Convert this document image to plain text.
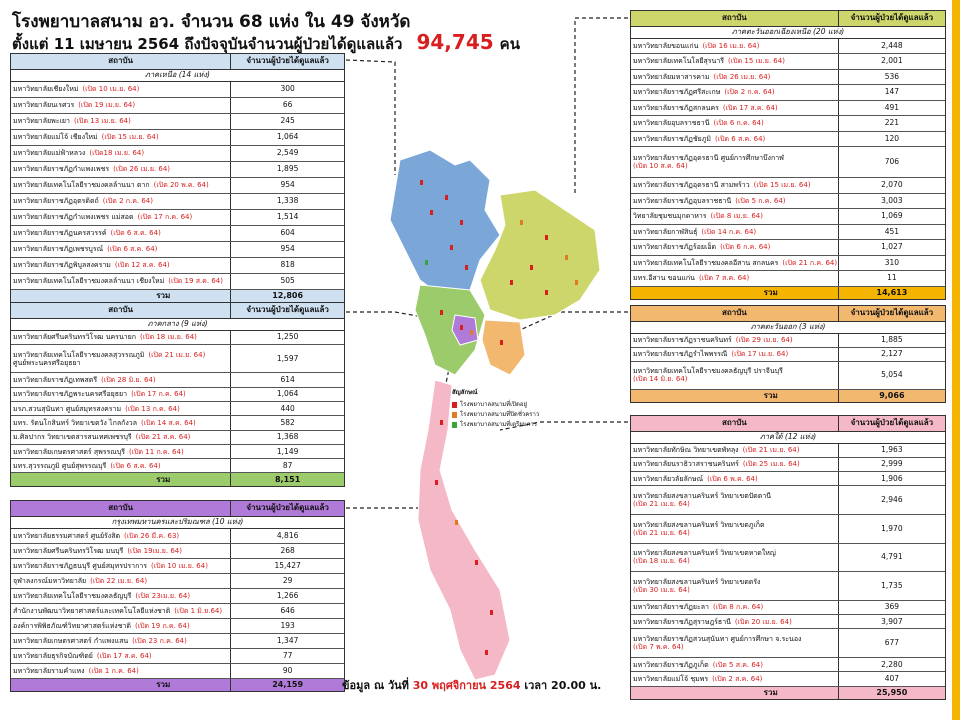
โรงพยาบาลสนาม อว. จำนวน 68 แห่ง ใน 49 จังหวัด
ตั้งแต่ 11 เมษายน 2564 ถึงปัจจุบันจำนวนผู้ป่วยได้ดูแลแล้ว 94,745 คน
สถาบัน	จำนวนผู้ป่วยได้ดูแลแล้ว
ภาคเหนือ (14 แห่ง)	
มหาวิทยาลัยเชียงใหม่ (เปิด 10 เม.ย. 64)	300
มหาวิทยาลัยนเรศวร (เปิด 19 เม.ย. 64)	66
มหาวิทยาลัยพะเยา (เปิด 13 เม.ย. 64)	245
มหาวิทยาลัยแม่โจ้ เชียงใหม่ (เปิด 15 เม.ย. 64)	1,064
มหาวิทยาลัยแม่ฟ้าหลวง (เปิด18 เม.ย. 64)	2,549
มหาวิทยาลัยราชภัฏกำแพงเพชร (เปิด 26 เม.ย. 64)	1,895
มหาวิทยาลัยเทคโนโลยีราชมงคลล้านนา ตาก (เปิด 20 พ.ค. 64)	954
มหาวิทยาลัยราชภัฏอุตรดิตถ์ (เปิด 2 ก.ค. 64)	1,338
มหาวิทยาลัยราชภัฏกำแพงเพชร แม่สอด (เปิด 17 ก.ค. 64)	1,514
มหาวิทยาลัยราชภัฏนครสวรรค์ (เปิด 6 ส.ค. 64)	604
มหาวิทยาลัยราชภัฏเพชรบูรณ์ (เปิด 6 ส.ค. 64)	954
มหาวิทยาลัยราชภัฏพิบูลสงคราม (เปิด 12 ส.ค. 64)	818
มหาวิทยาลัยเทคโนโลยีราชมงคลล้านนา เชียงใหม่ (เปิด 19 ส.ค. 64)	505
รวม	12,806
สถาบัน	จำนวนผู้ป่วยได้ดูแลแล้ว
ภาคกลาง (9 แห่ง)	
มหาวิทยาลัยศรีนครินทรวิโรฒ นครนายก (เปิด 18 เม.ย. 64)	1,250
มหาวิทยาลัยเทคโนโลยีราชมงคลสุวรรณภูมิ (เปิด 21 เม.ย. 64)
ศูนย์พระนครศรีอยุธยา	1,597
มหาวิทยาลัยราชภัฏเทพสตรี (เปิด 28 มิ.ย. 64)	614
มหาวิทยาลัยราชภัฏพระนครศรีอยุธยา (เปิด 17 ก.ค. 64)	1,064
มรภ.สวนสุนันทา ศูนย์สมุทรสงคราม (เปิด 13 ก.ค. 64)	440
มทร. รัตนโกสินทร์ วิทยาเขตวัง ไกลกังวล (เปิด 14 ส.ค. 64)	582
ม.ศิลปากร วิทยาเขตสารสนเทศเพชรบุรี (เปิด 21 ส.ค. 64)	1,368
มหาวิทยาลัยเกษตรศาสตร์ สุพรรณบุรี (เปิด 11 ก.ค. 64)	1,149
มทร.สุวรรณภูมิ ศูนย์สุพรรณบุรี (เปิด 6 ส.ค. 64)	87
รวม	8,151
สถาบัน	จำนวนผู้ป่วยได้ดูแลแล้ว
กรุงเทพมหานครและปริมณฑล (10 แห่ง)	
มหาวิทยาลัยธรรมศาสตร์ ศูนย์รังสิต (เปิด 26 มี.ค. 63)	4,816
มหาวิทยาลัยศรีนครินทรวิโรฒ มนบุรี (เปิด 19เม.ย. 64)	268
มหาวิทยาลัยราชภัฏธนบุรี ศูนย์สมุทรปราการ (เปิด 10 เม.ย. 64)	15,427
จุฬาลงกรณ์มหาวิทยาลัย (เปิด 22 เม.ย. 64)	29
มหาวิทยาลัยเทคโนโลยีราชมงคลธัญบุรี (เปิด 23เม.ย. 64)	1,266
สำนักงานพัฒนาวิทยาศาสตร์และเทคโนโลยีแห่งชาติ (เปิด 1 มิ.ย.64)	646
องค์การพิพิธภัณฑ์วิทยาศาสตร์แห่งชาติ (เปิด 19 ก.ค. 64)	193
มหาวิทยาลัยเกษตรศาสตร์ กำแพงแสน (เปิด 23 ก.ค. 64)	1,347
มหาวิทยาลัยธุรกิจบัณฑิตย์ (เปิด 17 ส.ค. 64)	77
มหาวิทยาลัยรามคำแหง (เปิด 1 ก.ค. 64)	90
รวม	24,159
สถาบัน	จำนวนผู้ป่วยได้ดูแลแล้ว
ภาคตะวันออกเฉียงเหนือ (20 แห่ง)	
มหาวิทยาลัยขอนแก่น (เปิด 16 เม.ย. 64)	2,448
มหาวิทยาลัยเทคโนโลยีสุรนารี (เปิด 15 เม.ย. 64)	2,001
มหาวิทยาลัยมหาสารคาม (เปิด 26 เม.ย. 64)	536
มหาวิทยาลัยราชภัฏศรีสะเกษ (เปิด 2 ก.ค. 64)	147
มหาวิทยาลัยราชภัฏสกลนคร (เปิด 17 ส.ค. 64)	491
มหาวิทยาลัยอุบลราชธานี (เปิด 6 ก.ค. 64)	221
มหาวิทยาลัยราชภัฏชัยภูมิ (เปิด 6 ส.ค. 64)	120
มหาวิทยาลัยราชภัฏอุดรธานี ศูนย์การศึกษาบึงกาฬ
(เปิด 10 ส.ค. 64)	706
มหาวิทยาลัยราชภัฏอุดรธานี สามพร้าว (เปิด 15 เม.ย. 64)	2,070
มหาวิทยาลัยราชภัฏอุบลราชธานี (เปิด 5 ก.ค. 64)	3,003
วิทยาลัยชุมชนมุกดาหาร (เปิด 8 เม.ย. 64)	1,069
มหาวิทยาลัยกาฬสินธุ์ (เปิด 14 ก.ค. 64)	451
มหาวิทยาลัยราชภัฏร้อยเอ็ด (เปิด 6 ก.ค. 64)	1,027
มหาวิทยาลัยเทคโนโลยีราชมงคลอีสาน สกลนคร (เปิด 21 ก.ค. 64)	310
มทร.อีสาน ขอนแก่น (เปิด 7 ส.ค. 64)	11
รวม	14,613
สถาบัน	จำนวนผู้ป่วยได้ดูแลแล้ว
ภาคตะวันออก (3 แห่ง)	
มหาวิทยาลัยราชภัฏราชนครินทร์ (เปิด 29 เม.ย. 64)	1,885
มหาวิทยาลัยราชภัฏรำไพพรรณี (เปิด 17 เม.ย. 64)	2,127
มหาวิทยาลัยเทคโนโลยีราชมงคลธัญบุรี ปราจีนบุรี
(เปิด 14 มิ.ย. 64)	5,054
รวม	9,066
สถาบัน	จำนวนผู้ป่วยได้ดูแลแล้ว
ภาคใต้ (12 แห่ง)	
มหาวิทยาลัยทักษิณ วิทยาเขตพัทลุง (เปิด 21 เม.ย. 64)	1,963
มหาวิทยาลัยนราธิวาสราชนครินทร์ (เปิด 25 เม.ย. 64)	2,999
มหาวิทยาลัยวลัยลักษณ์ (เปิด 6 พ.ค. 64)	1,906
มหาวิทยาลัยสงขลานครินทร์ วิทยาเขตปัตตานี
(เปิด 21 เม.ย. 64)	2,946
มหาวิทยาลัยสงขลานครินทร์ วิทยาเขตภูเก็ต
(เปิด 21 เม.ย. 64)	1,970
มหาวิทยาลัยสงขลานครินทร์ วิทยาเขตหาดใหญ่
(เปิด 18 เม.ย. 64)	4,791
มหาวิทยาลัยสงขลานครินทร์ วิทยาเขตตรัง
(เปิด 30 เม.ย. 64)	1,735
มหาวิทยาลัยราชภัฏยะลา (เปิด 8 ก.ค. 64)	369
มหาวิทยาลัยราชภัฏสุราษฎร์ธานี (เปิด 20 เม.ย. 64)	3,907
มหาวิทยาลัยราชภัฏสวนสุนันทา ศูนย์การศึกษา จ.ระนอง
(เปิด 7 พ.ค. 64)	677
มหาวิทยาลัยราชภัฏภูเก็ต (เปิด 5 ส.ค. 64)	2,280
มหาวิทยาลัยแม่โจ้ ชุมพร (เปิด 2 ส.ค. 64)	407
รวม	25,950
สัญลักษณ์
โรงพยาบาลสนามที่เปิดอยู่
โรงพยาบาลสนามที่ปิดชั่วคราว
โรงพยาบาลสนามที่เตรียมการ
ข้อมูล ณ วันที่ 30 พฤศจิกายน 2564 เวลา 20.00 น.
